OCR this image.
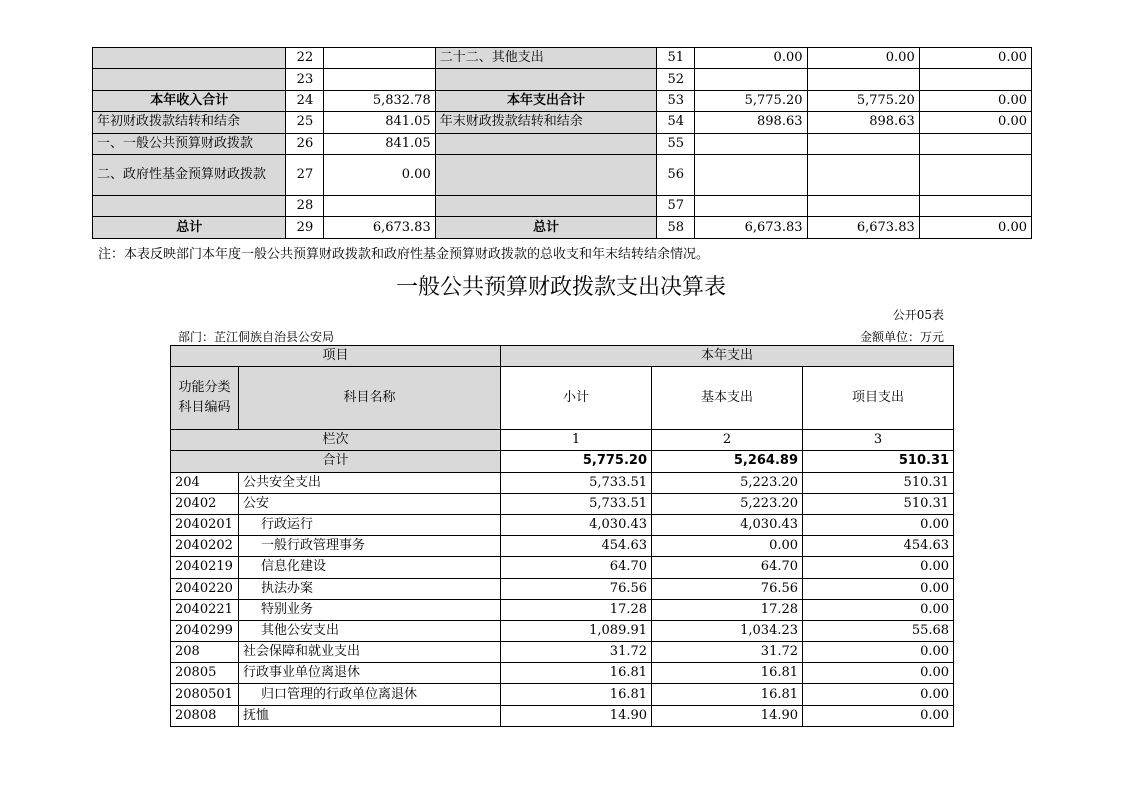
	22		二十二、其他支出	51	0.00	0.00	0.00
	23			52			
本年收入合计	24	5,832.78	本年支出合计	53	5,775.20	5,775.20	0.00
年初财政拨款结转和结余	25	841.05	年末财政拨款结转和结余	54	898.63	898.63	0.00
一、一般公共预算财政拨款	26	841.05		55			
二、政府性基金预算财政拨款	27	0.00		56			
	28			57			
总计	29	6,673.83	总计	58	6,673.83	6,673.83	0.00
注：本表反映部门本年度一般公共预算财政拨款和政府性基金预算财政拨款的总收支和年末结转结余情况。
一般公共预算财政拨款支出决算表
公开05表
部门：芷江侗族自治县公安局	金额单位：万元
项目		本年支出		
功能分类科目编码	科目名称	小计	基本支出	项目支出
栏次		1	2	3
合计		5,775.20	5,264.89	510.31
204	公共安全支出	5,733.51	5,223.20	510.31
20402	公安	5,733.51	5,223.20	510.31
2040201	行政运行	4,030.43	4,030.43	0.00
2040202	一般行政管理事务	454.63	0.00	454.63
2040219	信息化建设	64.70	64.70	0.00
2040220	执法办案	76.56	76.56	0.00
2040221	特别业务	17.28	17.28	0.00
2040299	其他公安支出	1,089.91	1,034.23	55.68
208	社会保障和就业支出	31.72	31.72	0.00
20805	行政事业单位离退休	16.81	16.81	0.00
2080501	归口管理的行政单位离退休	16.81	16.81	0.00
20808	抚恤	14.90	14.90	0.00
